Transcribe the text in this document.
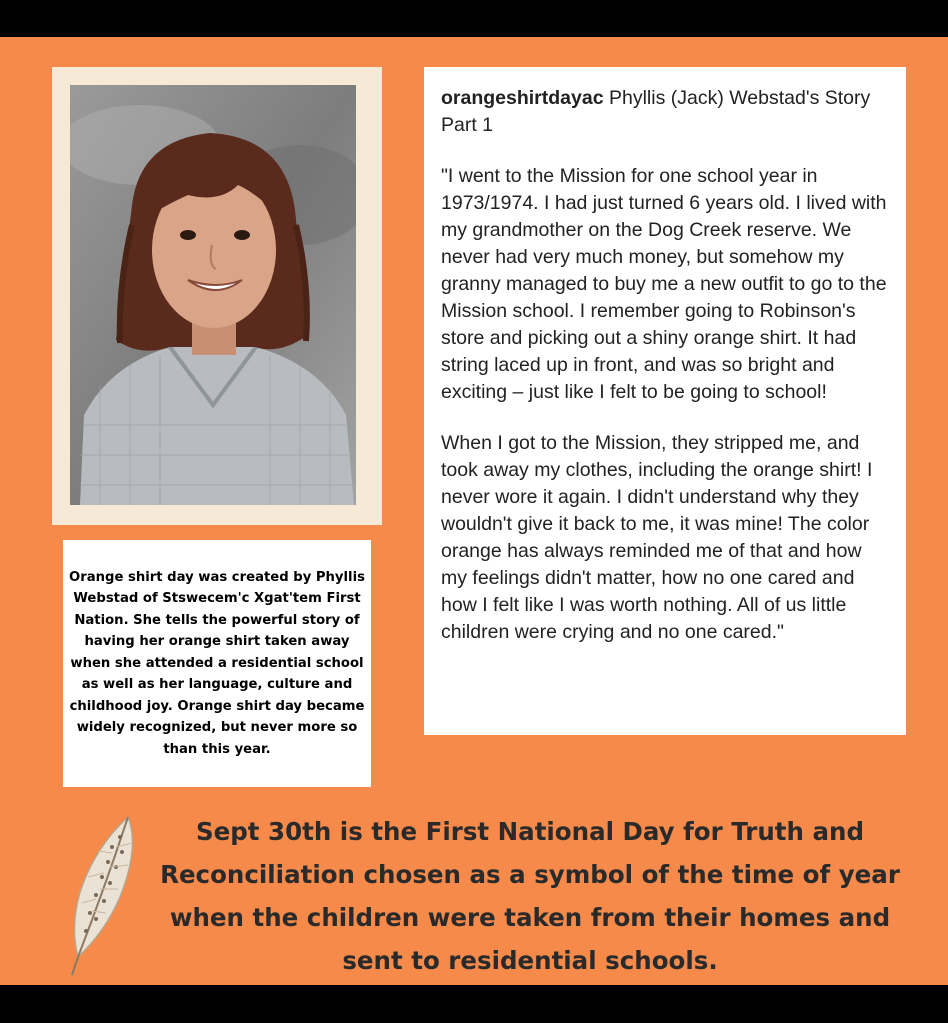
Orange shirt day was created by Phyllis Webstad of Stswecem'c Xgat'tem First Nation. She tells the powerful story of having her orange shirt taken away when she attended a residential school as well as her language, culture and childhood joy. Orange shirt day became widely recognized, but never more so than this year.

orangeshirtdayac Phyllis (Jack) Webstad's Story Part 1

"I went to the Mission for one school year in 1973/1974. I had just turned 6 years old. I lived with my grandmother on the Dog Creek reserve. We never had very much money, but somehow my granny managed to buy me a new outfit to go to the Mission school. I remember going to Robinson's store and picking out a shiny orange shirt. It had string laced up in front, and was so bright and exciting – just like I felt to be going to school!

When I got to the Mission, they stripped me, and took away my clothes, including the orange shirt! I never wore it again. I didn't understand why they wouldn't give it back to me, it was mine! The color orange has always reminded me of that and how my feelings didn't matter, how no one cared and how I felt like I was worth nothing. All of us little children were crying and no one cared."

Sept 30th is the First National Day for Truth and Reconciliation chosen as a symbol of the time of year when the children were taken from their homes and sent to residential schools.
